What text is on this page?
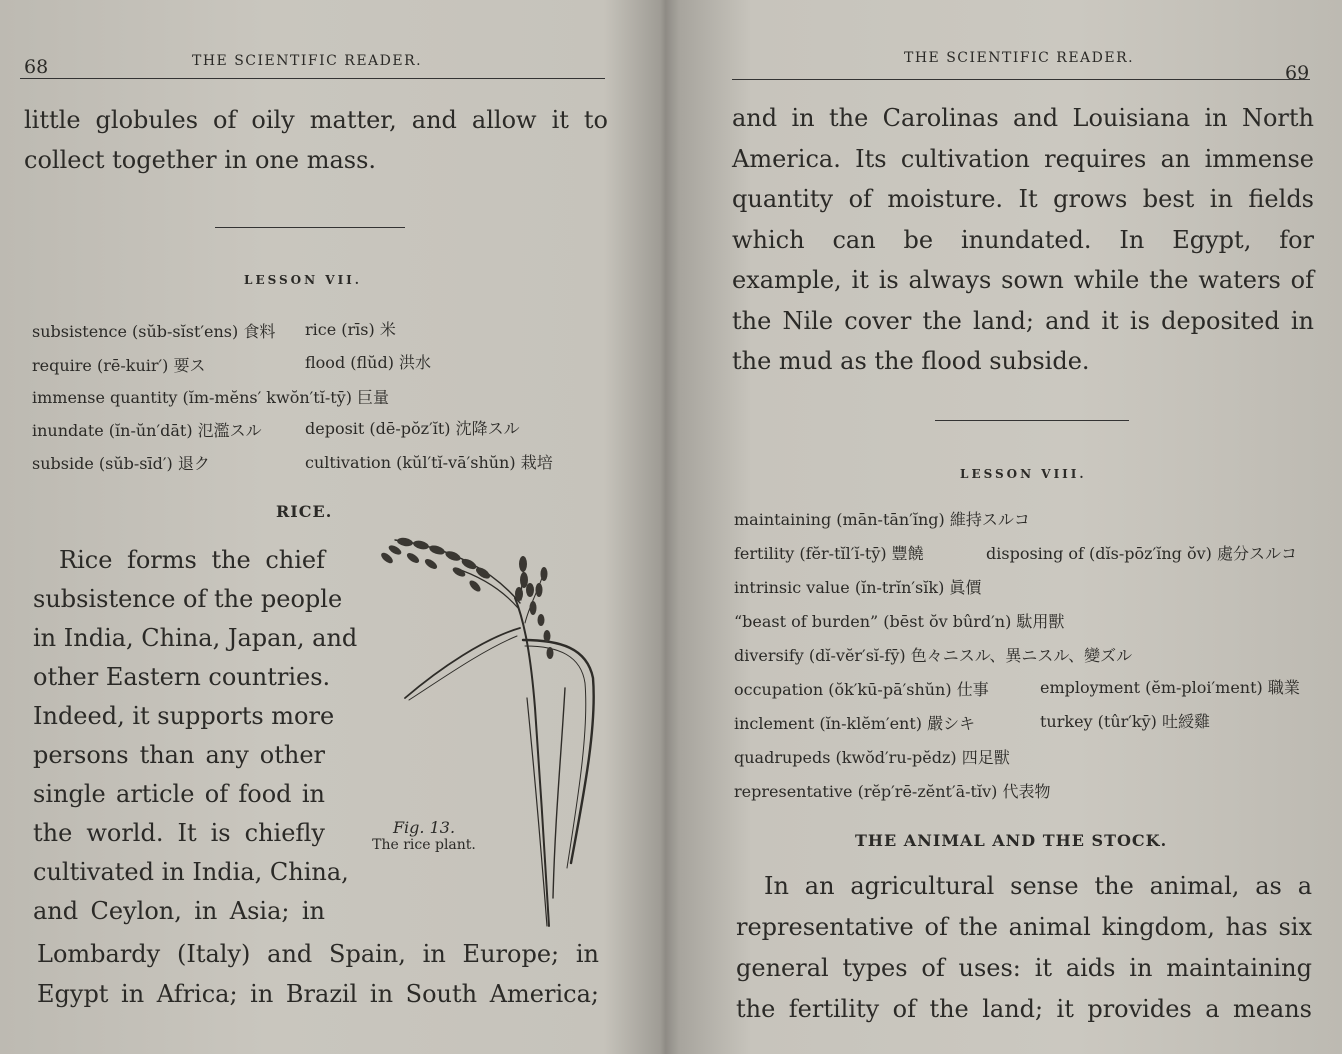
68	THE SCIENTIFIC READER.
little globules of oily matter, and allow it to
collect together in one mass.
LESSON VII.
subsistence (sŭb-sĭst′ens) 食料 rice (rīs) 米
require (rē-kuir′) 要ス	flood (flŭd) 洪水
immense quantity (ĭm-mĕns′ kwŏn′tĭ-tȳ) 巨量
inundate (ĭn-ŭn′dāt) 氾濫スル	deposit (dē-pŏz′ĭt) 沈降スル
subside (sŭb-sīd′) 退ク	cultivation (kŭl′tĭ-vā′shŭn) 栽培
RICE.
Rice forms the chief
subsistence of the people
in India, China, Japan, and
other Eastern countries.
Indeed, it supports more
persons than any other
single article of food in
the world. It is chiefly
cultivated in India, China,
and Ceylon, in Asia; in
Lombardy (Italy) and Spain, in Europe; in
Egypt in Africa; in Brazil in South America;
Fig. 13.
The rice plant.
THE SCIENTIFIC READER.
69
and in the Carolinas and Louisiana in North
America. Its cultivation requires an immense
quantity of moisture. It grows best in fields
which can be inundated. In Egypt, for
example, it is always sown while the waters of
the Nile cover the land; and it is deposited in
the mud as the flood subside.
LESSON VIII.
maintaining (mān-tān′ĭng) 維持スルコ
fertility (fĕr-tĭl′ĭ-tȳ) 豐饒	disposing of (dĭs-pōz′ĭng ŏv) 處分スルコ
intrinsic value (ĭn-trĭn′sĭk) 眞價
“beast of burden” (bēst ŏv bûrd′n) 駄用獸
diversify (dĭ-vĕr′sĭ-fȳ) 色々ニスル、異ニスル、變ズル
occupation (ŏk′kū-pā′shŭn) 仕事	employment (ĕm-ploi′ment) 職業
inclement (ĭn-klĕm′ent) 嚴シキ	turkey (tûr′kȳ) 吐綬雞
quadrupeds (kwŏd′ru-pĕdz) 四足獸
representative (rĕp′rē-zĕnt′ā-tĭv) 代表物
THE ANIMAL AND THE STOCK.
In an agricultural sense the animal, as a
representative of the animal kingdom, has six
general types of uses: it aids in maintaining
the fertility of the land; it provides a means
